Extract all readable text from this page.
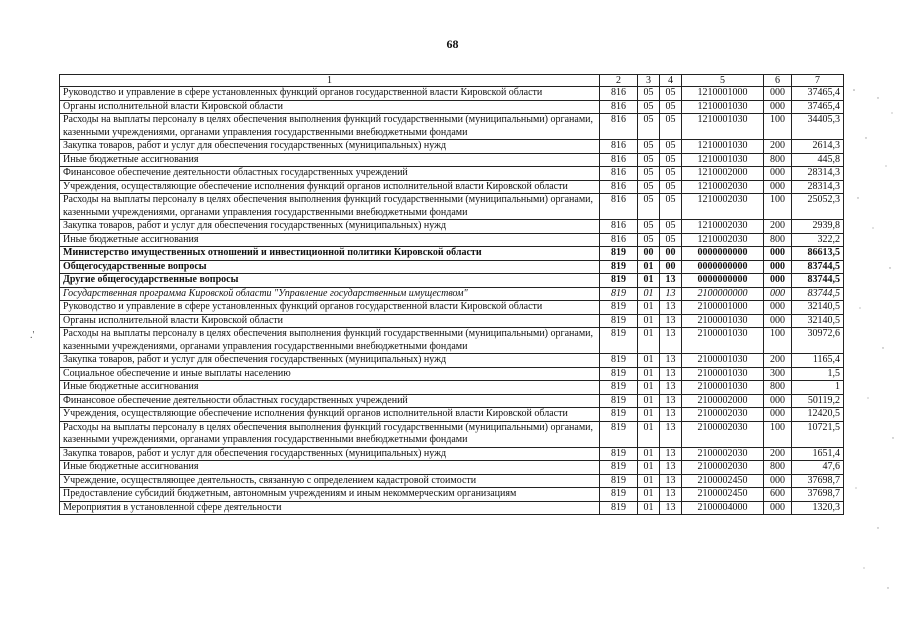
68
1	2	3	4	5	6	7
Руководство и управление в сфере установленных функций органов государственной власти Кировской области	816	05	05	1210001000	000	37465,4
Органы исполнительной власти Кировской области	816	05	05	1210001030	000	37465,4
Расходы на выплаты персоналу в целях обеспечения выполнения функций государственными (муниципальными) органами, казенными учреждениями, органами управления государственными внебюджетными фондами	816	05	05	1210001030	100	34405,3
Закупка товаров, работ и услуг для обеспечения государственных (муниципальных) нужд	816	05	05	1210001030	200	2614,3
Иные бюджетные ассигнования	816	05	05	1210001030	800	445,8
Финансовое обеспечение деятельности областных государственных учреждений	816	05	05	1210002000	000	28314,3
Учреждения, осуществляющие обеспечение исполнения функций органов исполнительной власти Кировской области	816	05	05	1210002030	000	28314,3
Расходы на выплаты персоналу в целях обеспечения выполнения функций государственными (муниципальными) органами, казенными учреждениями, органами управления государственными внебюджетными фондами	816	05	05	1210002030	100	25052,3
Закупка товаров, работ и услуг для обеспечения государственных (муниципальных) нужд	816	05	05	1210002030	200	2939,8
Иные бюджетные ассигнования	816	05	05	1210002030	800	322,2
Министерство имущественных отношений и инвестиционной политики Кировской области	819	00	00	0000000000	000	86613,5
Общегосударственные вопросы	819	01	00	0000000000	000	83744,5
Другие общегосударственные вопросы	819	01	13	0000000000	000	83744,5
Государственная программа Кировской области "Управление государственным имуществом"	819	01	13	2100000000	000	83744,5
Руководство и управление в сфере установленных функций органов государственной власти Кировской области	819	01	13	2100001000	000	32140,5
Органы исполнительной власти Кировской области	819	01	13	2100001030	000	32140,5
Расходы на выплаты персоналу в целях обеспечения выполнения функций государственными (муниципальными) органами, казенными учреждениями, органами управления государственными внебюджетными фондами	819	01	13	2100001030	100	30972,6
Закупка товаров, работ и услуг для обеспечения государственных (муниципальных) нужд	819	01	13	2100001030	200	1165,4
Социальное обеспечение и иные выплаты населению	819	01	13	2100001030	300	1,5
Иные бюджетные ассигнования	819	01	13	2100001030	800	1
Финансовое обеспечение деятельности областных государственных учреждений	819	01	13	2100002000	000	50119,2
Учреждения, осуществляющие обеспечение исполнения функций органов исполнительной власти Кировской области	819	01	13	2100002030	000	12420,5
Расходы на выплаты персоналу в целях обеспечения выполнения функций государственными (муниципальными) органами, казенными учреждениями, органами управления государственными внебюджетными фондами	819	01	13	2100002030	100	10721,5
Закупка товаров, работ и услуг для обеспечения государственных (муниципальных) нужд	819	01	13	2100002030	200	1651,4
Иные бюджетные ассигнования	819	01	13	2100002030	800	47,6
Учреждение, осуществляющее деятельность, связанную с определением кадастровой стоимости	819	01	13	2100002450	000	37698,7
Предоставление субсидий бюджетным, автономным учреждениям и иным некоммерческим организациям	819	01	13	2100002450	600	37698,7
Мероприятия в установленной сфере деятельности	819	01	13	2100004000	000	1320,3
.'
